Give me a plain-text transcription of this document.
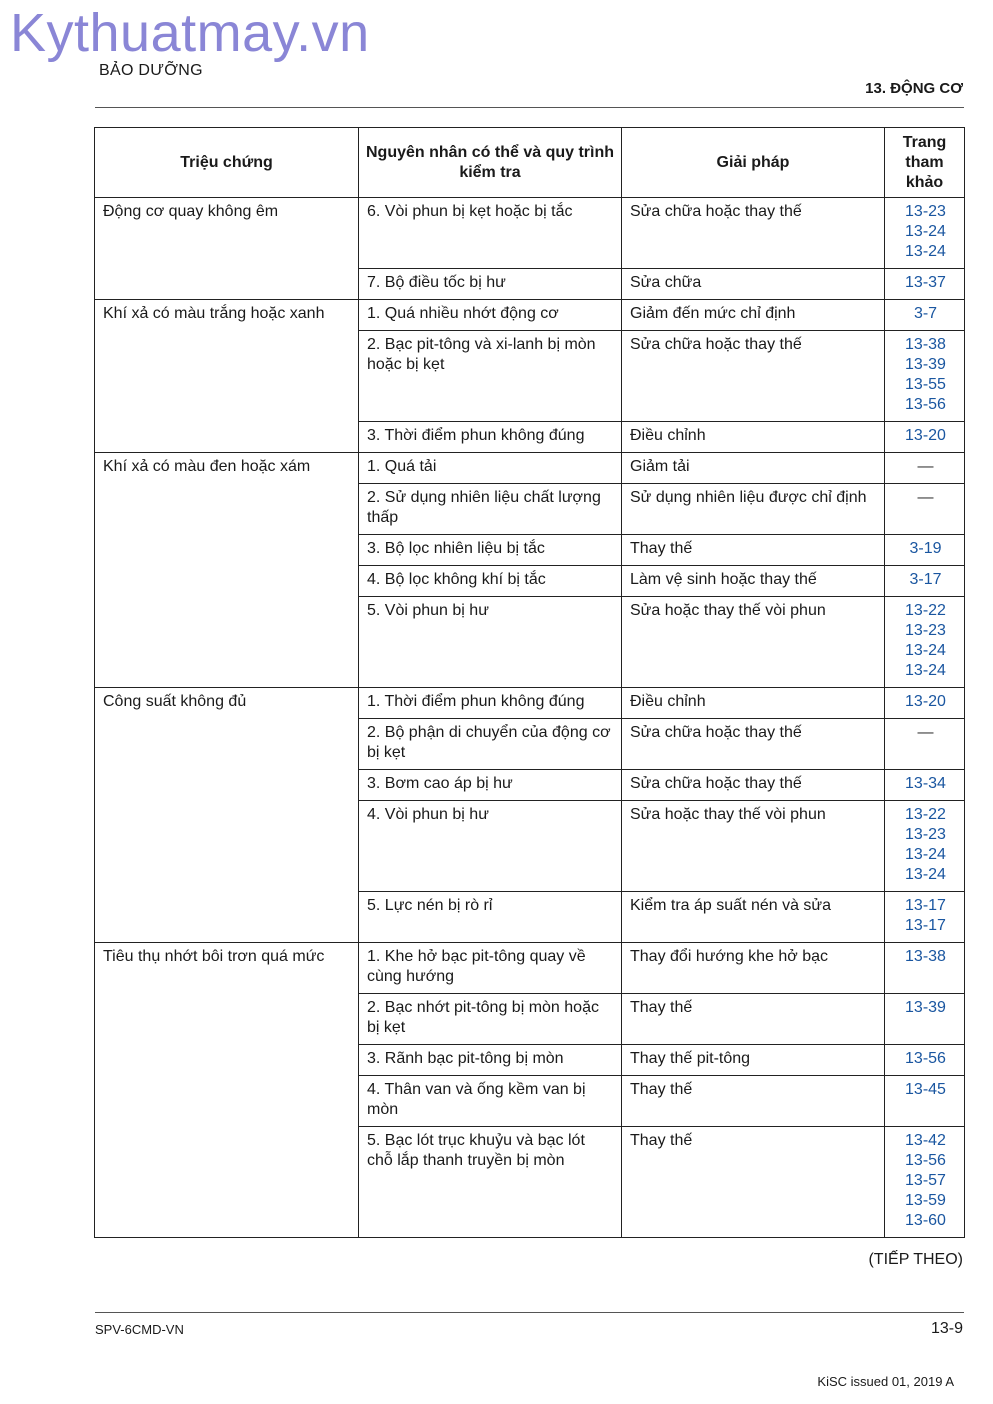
Kythuatmay.vn
BẢO DƯỠNG
13. ĐỘNG CƠ
Triệu chứng	Nguyên nhân có thể và quy trình kiểm tra	Giải pháp	Trang tham khảo
Động cơ quay không êm	6. Vòi phun bị kẹt hoặc bị tắc	Sửa chữa hoặc thay thế	13-23
13-24
13-24

	7. Bộ điều tốc bị hư	Sửa chữa	13-37

Khí xả có màu trắng hoặc xanh	1. Quá nhiều nhớt động cơ	Giảm đến mức chỉ định	3-7

	2. Bạc pit-tông và xi-lanh bị mòn hoặc bị kẹt	Sửa chữa hoặc thay thế	13-38
13-39
13-55
13-56

	3. Thời điểm phun không đúng	Điều chỉnh	13-20

Khí xả có màu đen hoặc xám	1. Quá tải	Giảm tải	—

	2. Sử dụng nhiên liệu chất lượng thấp	Sử dụng nhiên liệu được chỉ định	—

	3. Bộ lọc nhiên liệu bị tắc	Thay thế	3-19

	4. Bộ lọc không khí bị tắc	Làm vệ sinh hoặc thay thế	3-17

	5. Vòi phun bị hư	Sửa hoặc thay thế vòi phun	13-22
13-23
13-24
13-24

Công suất không đủ	1. Thời điểm phun không đúng	Điều chỉnh	13-20

	2. Bộ phận di chuyển của động cơ bị kẹt	Sửa chữa hoặc thay thế	—

	3. Bơm cao áp bị hư	Sửa chữa hoặc thay thế	13-34

	4. Vòi phun bị hư	Sửa hoặc thay thế vòi phun	13-22
13-23
13-24
13-24

	5. Lực nén bị rò rỉ	Kiểm tra áp suất nén và sửa	13-17
13-17

Tiêu thụ nhớt bôi trơn quá mức	1. Khe hở bạc pit-tông quay về cùng hướng	Thay đổi hướng khe hở bạc	13-38

	2. Bạc nhớt pit-tông bị mòn hoặc bị kẹt	Thay thế	13-39

	3. Rãnh bạc pit-tông bị mòn	Thay thế pit-tông	13-56

	4. Thân van và ống kềm van bị mòn	Thay thế	13-45

	5. Bạc lót trục khuỷu và bạc lót chỗ lắp thanh truyền bị mòn	Thay thế	13-42
13-56
13-57
13-59
13-60
(TIẾP THEO)
SPV-6CMD-VN	13-9
KiSC issued 01, 2019 A
